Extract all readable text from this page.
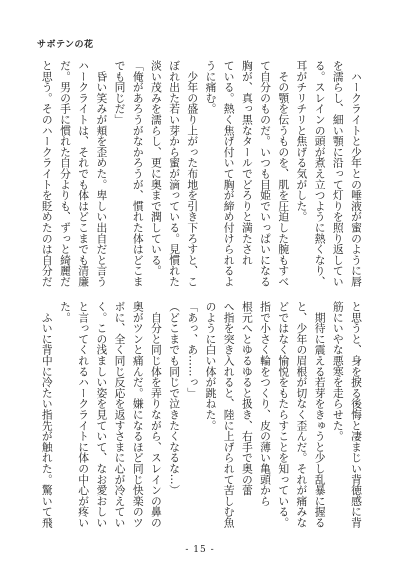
サボテンの花
　ハークライトと少年との唾液が蜜のように唇
を濡らし、細い顎に沿って灯りを照り返してい
る。スレインの頭が煮え立つように熱くなり、
耳がチリチリと焦げる気がした。
　その顎を伝うものを、肌を圧迫した腕もすべ
て自分のものだ。いつも目姫でいっぱいになる
胸が、真っ黒なタールでどろりと満たされ
ている。熱く焦げ付いて胸が締め付けられるよ
うに痛む。
　少年の盛り上がった布地を引き下ろすと、こ
ぼれ出た若い芽から蜜が滴っている。見慣れた
淡い茂みを濡らし、更に奥まで潤している。
「俺があろうがなかろうが、慣れた体はどこま
でも同じだ」
　昏い笑みが頬を歪めた。卑しい出自だと言う
ハークライトは、それでも体はどこまでも清廉
だ。男の手に慣れた自分よりも、ずっと綺麗だ
と思う。そのハークライトを貶めたのは自分だ
と思うと、身を捩る後悔と凄まじい背徳感に背
筋にいやな悪寒を走らせた。
　期待に震える若芽をきゅうと少し乱暴に握る
と、少年の眉根が切なく歪んだ。それが痛みな
どではなく愉悦をもたらすことを知っている。
指で小さく輪をつくり、皮の薄い亀頭から
根元へとゆるゆると扱き、右手で奥の蕾
へ指を突き入れると、陸に上げられて苦しむ魚
のように白い体が跳ねた。
「あっ、あ……っ」
（どこまでも同じで泣きたくなるな…）
　自分と同じ体を弄りながら、スレインの鼻の
奥がツンと痛んだ。嫌になるほど同じ快楽のツ
ボに、全く同じ反応を返すさまに心が冷えてい
く。この浅ましい姿を見ていて、なお愛おしい
と言ってくれるハークライトに体の中心が疼い
た。
　ふいに背中に冷たい指先が触れた。驚いて飛
- 15 -
